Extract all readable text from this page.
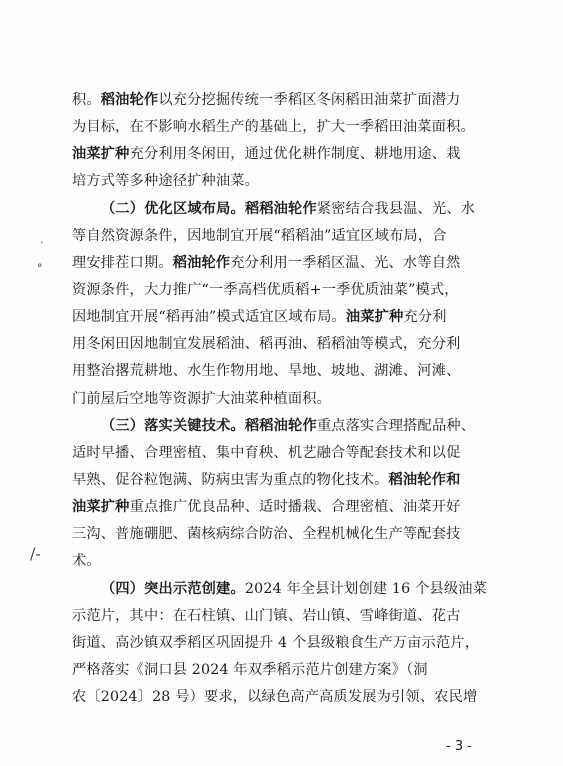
·
°
/-
积。稻油轮作以充分挖掘传统一季稻区冬闲稻田油菜扩面潜力
为目标，在不影响水稻生产的基础上，扩大一季稻田油菜面积。
油菜扩种充分利用冬闲田，通过优化耕作制度、耕地用途、栽
培方式等多种途径扩种油菜。
（二）优化区域布局。稻稻油轮作紧密结合我县温、光、水
等自然资源条件，因地制宜开展“稻稻油”适宜区域布局，合
理安排茬口期。稻油轮作充分利用一季稻区温、光、水等自然
资源条件，大力推广“一季高档优质稻+一季优质油菜”模式，
因地制宜开展“稻再油”模式适宜区域布局。油菜扩种充分利
用冬闲田因地制宜发展稻油、稻再油、稻稻油等模式，充分利
用整治撂荒耕地、水生作物用地、旱地、坡地、湖滩、河滩、
门前屋后空地等资源扩大油菜种植面积。
（三）落实关键技术。稻稻油轮作重点落实合理搭配品种、
适时早播、合理密植、集中育秧、机艺融合等配套技术和以促
早熟、促谷粒饱满、防病虫害为重点的物化技术。稻油轮作和
油菜扩种重点推广优良品种、适时播栽、合理密植、油菜开好
三沟、普施硼肥、菌核病综合防治、全程机械化生产等配套技
术。
（四）突出示范创建。2024 年全县计划创建 16 个县级油菜
示范片，其中：在石柱镇、山门镇、岩山镇、雪峰街道、花古
街道、高沙镇双季稻区巩固提升 4 个县级粮食生产万亩示范片，
严格落实《洞口县 2024 年双季稻示范片创建方案》（洞
农〔2024〕28 号）要求，以绿色高产高质发展为引领、农民增
- 3 -
